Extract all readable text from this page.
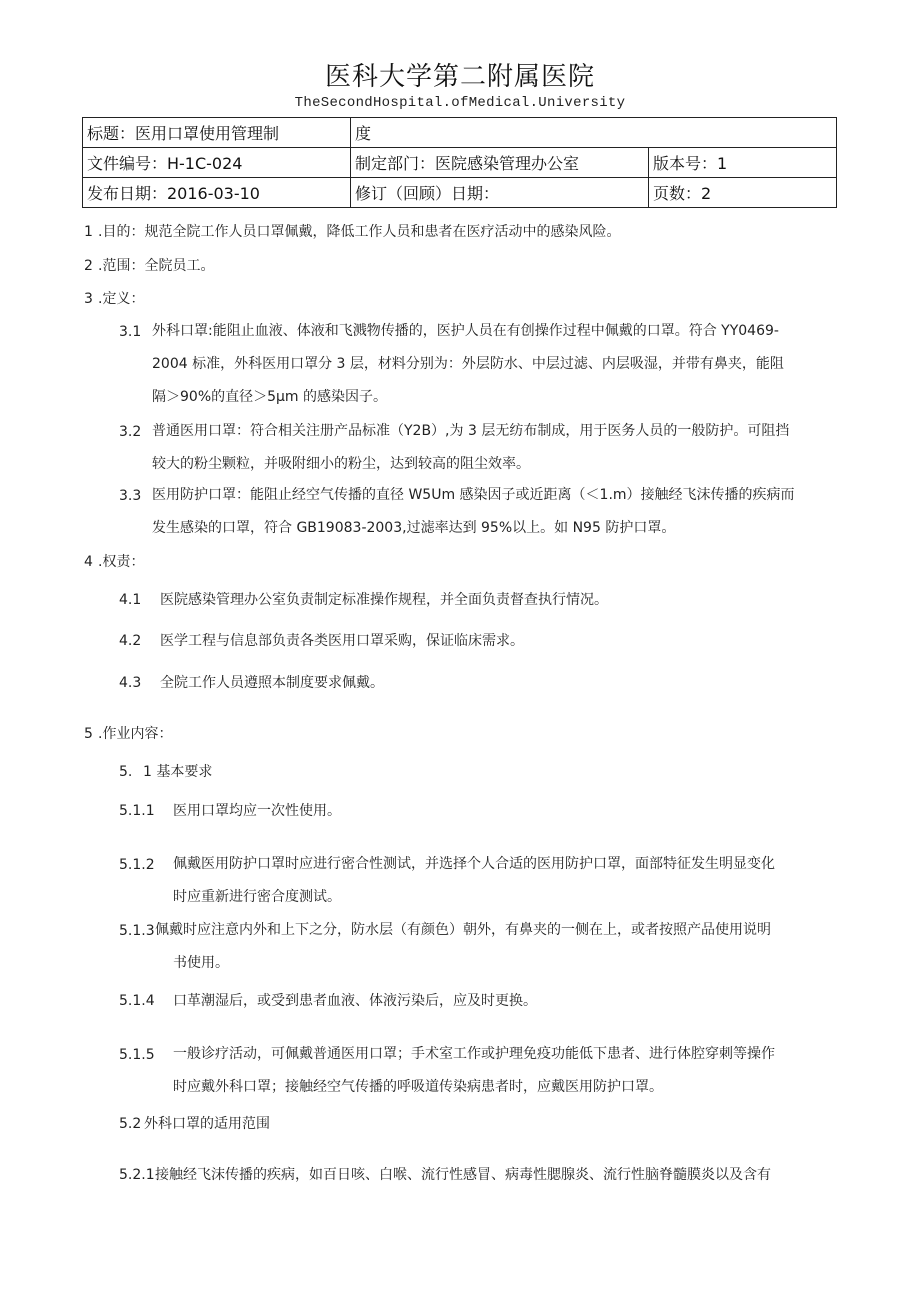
医科大学第二附属医院
TheSecondHospital.ofMedical.University
标题：医用口罩使用管理制	度	
文件编号：H-1C-024	制定部门：医院感染管理办公室	版本号：1
发布日期：2016-03-10	修订（回顾）日期：	页数：2
1 .目的：规范全院工作人员口罩佩戴，降低工作人员和患者在医疗活动中的感染风险。
2 .范围：全院员工。
3 .定义：
3.1 外科口罩:能阻止血液、体液和飞溅物传播的，医护人员在有创操作过程中佩戴的口罩。符合 YY0469-
2004 标准，外科医用口罩分 3 层，材料分别为：外层防水、中层过滤、内层吸湿，并带有鼻夹，能阻
隔＞90%的直径＞5μm 的感染因子。
3.2 普通医用口罩：符合相关注册产品标准（Y2B）,为 3 层无纺布制成，用于医务人员的一般防护。可阻挡
较大的粉尘颗粒，并吸附细小的粉尘，达到较高的阻尘效率。
3.3 医用防护口罩：能阻止经空气传播的直径 W5Um 感染因子或近距离（＜1.m）接触经飞沫传播的疾病而
发生感染的口罩，符合 GB19083-2003,过滤率达到 95%以上。如 N95 防护口罩。
4 .权责：
4.1 医院感染管理办公室负责制定标准操作规程，并全面负责督查执行情况。
4.2 医学工程与信息部负责各类医用口罩采购，保证临床需求。
4.3 全院工作人员遵照本制度要求佩戴。
5 .作业内容：
5. 1 基本要求
5.1.1 医用口罩均应一次性使用。
5.1.2 佩戴医用防护口罩时应进行密合性测试，并选择个人合适的医用防护口罩，面部特征发生明显变化
时应重新进行密合度测试。
5.1.3 佩戴时应注意内外和上下之分，防水层（有颜色）朝外，有鼻夹的一侧在上，或者按照产品使用说明
书使用。
5.1.4 口革潮湿后，或受到患者血液、体液污染后，应及时更换。
5.1.5 一般诊疗活动，可佩戴普通医用口罩；手术室工作或护理免疫功能低下患者、进行体腔穿刺等操作
时应戴外科口罩；接触经空气传播的呼吸道传染病患者时，应戴医用防护口罩。
5.2 外科口罩的适用范围
5.2.1接触经飞沫传播的疾病，如百日咳、白喉、流行性感冒、病毒性腮腺炎、流行性脑脊髓膜炎以及含有
